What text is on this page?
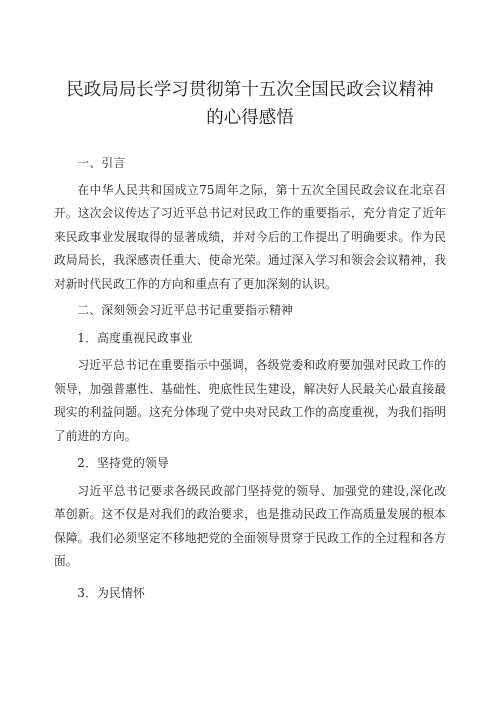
民政局局长学习贯彻第十五次全国民政会议精神
的心得感悟

一、引言

在中华人民共和国成立75周年之际，第十五次全国民政会议在北京召开。这次会议传达了习近平总书记对民政工作的重要指示，充分肯定了近年来民政事业发展取得的显著成绩，并对今后的工作提出了明确要求。作为民政局局长，我深感责任重大、使命光荣。通过深入学习和领会会议精神，我对新时代民政工作的方向和重点有了更加深刻的认识。

二、深刻领会习近平总书记重要指示精神

1．高度重视民政事业

习近平总书记在重要指示中强调，各级党委和政府要加强对民政工作的领导，加强普惠性、基础性、兜底性民生建设，解决好人民最关心最直接最现实的利益问题。这充分体现了党中央对民政工作的高度重视，为我们指明了前进的方向。

2．坚持党的领导

习近平总书记要求各级民政部门坚持党的领导、加强党的建设,深化改革创新。这不仅是对我们的政治要求，也是推动民政工作高质量发展的根本保障。我们必须坚定不移地把党的全面领导贯穿于民政工作的全过程和各方面。

3．为民情怀
